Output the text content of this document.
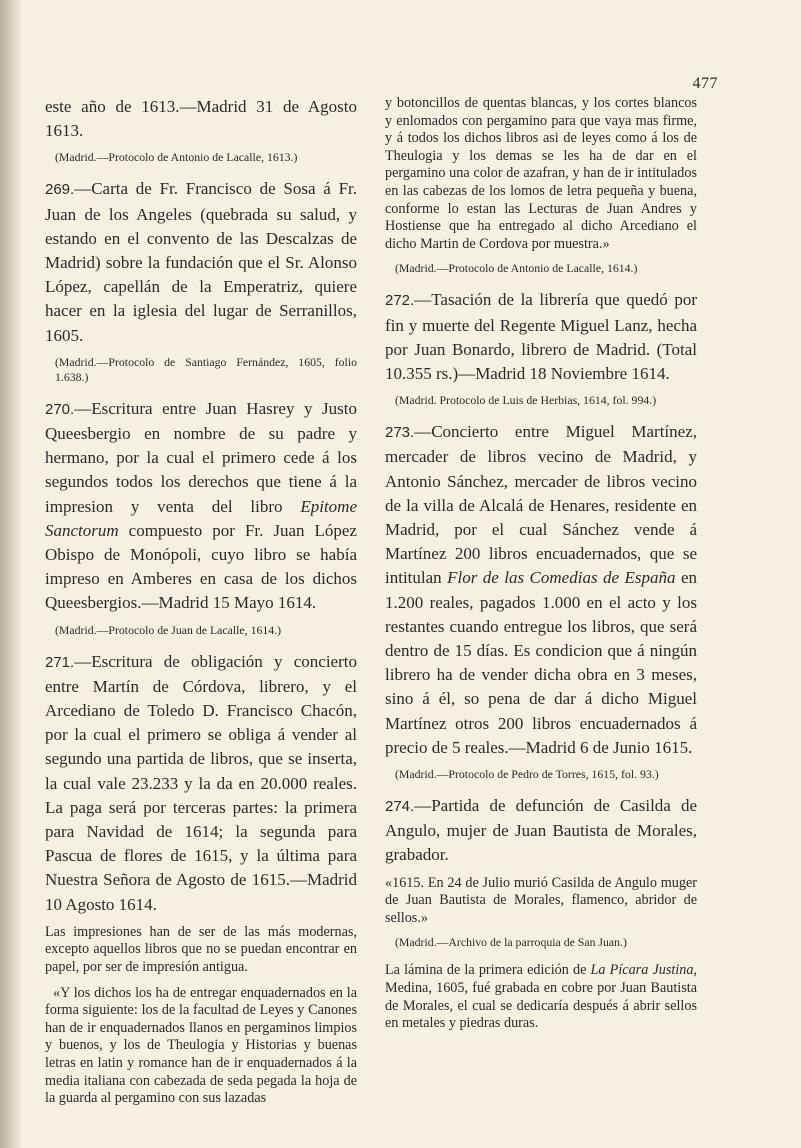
477

este año de 1613.—Madrid 31 de Agosto 1613.

(Madrid.—Protocolo de Antonio de Lacalle, 1613.)

269.—Carta de Fr. Francisco de Sosa á Fr. Juan de los Angeles (quebrada su salud, y estando en el convento de las Descalzas de Madrid) sobre la fundación que el Sr. Alonso López, capellán de la Emperatriz, quiere hacer en la iglesia del lugar de Serranillos, 1605.

(Madrid.—Protocolo de Santiago Fernández, 1605, folio 1.638.)

270.—Escritura entre Juan Hasrey y Justo Queesbergio en nombre de su padre y hermano, por la cual el primero cede á los segundos todos los derechos que tiene á la impresion y venta del libro Epitome Sanctorum compuesto por Fr. Juan López Obispo de Monópoli, cuyo libro se había impreso en Amberes en casa de los dichos Queesbergios.—Madrid 15 Mayo 1614.

(Madrid.—Protocolo de Juan de Lacalle, 1614.)

271.—Escritura de obligación y concierto entre Martín de Córdova, librero, y el Arcediano de Toledo D. Francisco Chacón, por la cual el primero se obliga á vender al segundo una partida de libros, que se inserta, la cual vale 23.233 y la da en 20.000 reales. La paga será por terceras partes: la primera para Navidad de 1614; la segunda para Pascua de flores de 1615, y la última para Nuestra Señora de Agosto de 1615.—Madrid 10 Agosto 1614.

Las impresiones han de ser de las más modernas, excepto aquellos libros que no se puedan encontrar en papel, por ser de impresión antigua.

«Y los dichos los ha de entregar enquadernados en la forma siguiente: los de la facultad de Leyes y Canones han de ir enquadernados llanos en pergaminos limpios y buenos, y los de Theulogia y Historias y buenas letras en latin y romance han de ir enquadernados á la media italiana con cabezada de seda pegada la hoja de la guarda al pergamino con sus lazadas

y botoncillos de quentas blancas, y los cortes blancos y enlomados con pergamino para que vaya mas firme, y á todos los dichos libros asi de leyes como á los de Theulogia y los demas se les ha de dar en el pergamino una color de azafran, y han de ir intitulados en las cabezas de los lomos de letra pequeña y buena, conforme lo estan las Lecturas de Juan Andres y Hostiense que ha entregado al dicho Arcediano el dicho Martin de Cordova por muestra.»

(Madrid.—Protocolo de Antonio de Lacalle, 1614.)

272.—Tasación de la librería que quedó por fin y muerte del Regente Miguel Lanz, hecha por Juan Bonardo, librero de Madrid. (Total 10.355 rs.)—Madrid 18 Noviembre 1614.

(Madrid. Protocolo de Luis de Herbias, 1614, fol. 994.)

273.—Concierto entre Miguel Martínez, mercader de libros vecino de Madrid, y Antonio Sánchez, mercader de libros vecino de la villa de Alcalá de Henares, residente en Madrid, por el cual Sánchez vende á Martínez 200 libros encuadernados, que se intitulan Flor de las Comedias de España en 1.200 reales, pagados 1.000 en el acto y los restantes cuando entregue los libros, que será dentro de 15 días. Es condicion que á ningún librero ha de vender dicha obra en 3 meses, sino á él, so pena de dar á dicho Miguel Martínez otros 200 libros encuadernados á precio de 5 reales.—Madrid 6 de Junio 1615.

(Madrid.—Protocolo de Pedro de Torres, 1615, fol. 93.)

274.—Partida de defunción de Casilda de Angulo, mujer de Juan Bautista de Morales, grabador.

«1615. En 24 de Julio murió Casilda de Angulo muger de Juan Bautista de Morales, flamenco, abridor de sellos.»

(Madrid.—Archivo de la parroquia de San Juan.)

La lámina de la primera edición de La Pícara Justina, Medina, 1605, fué grabada en cobre por Juan Bautista de Morales, el cual se dedicaría después á abrir sellos en metales y piedras duras.
